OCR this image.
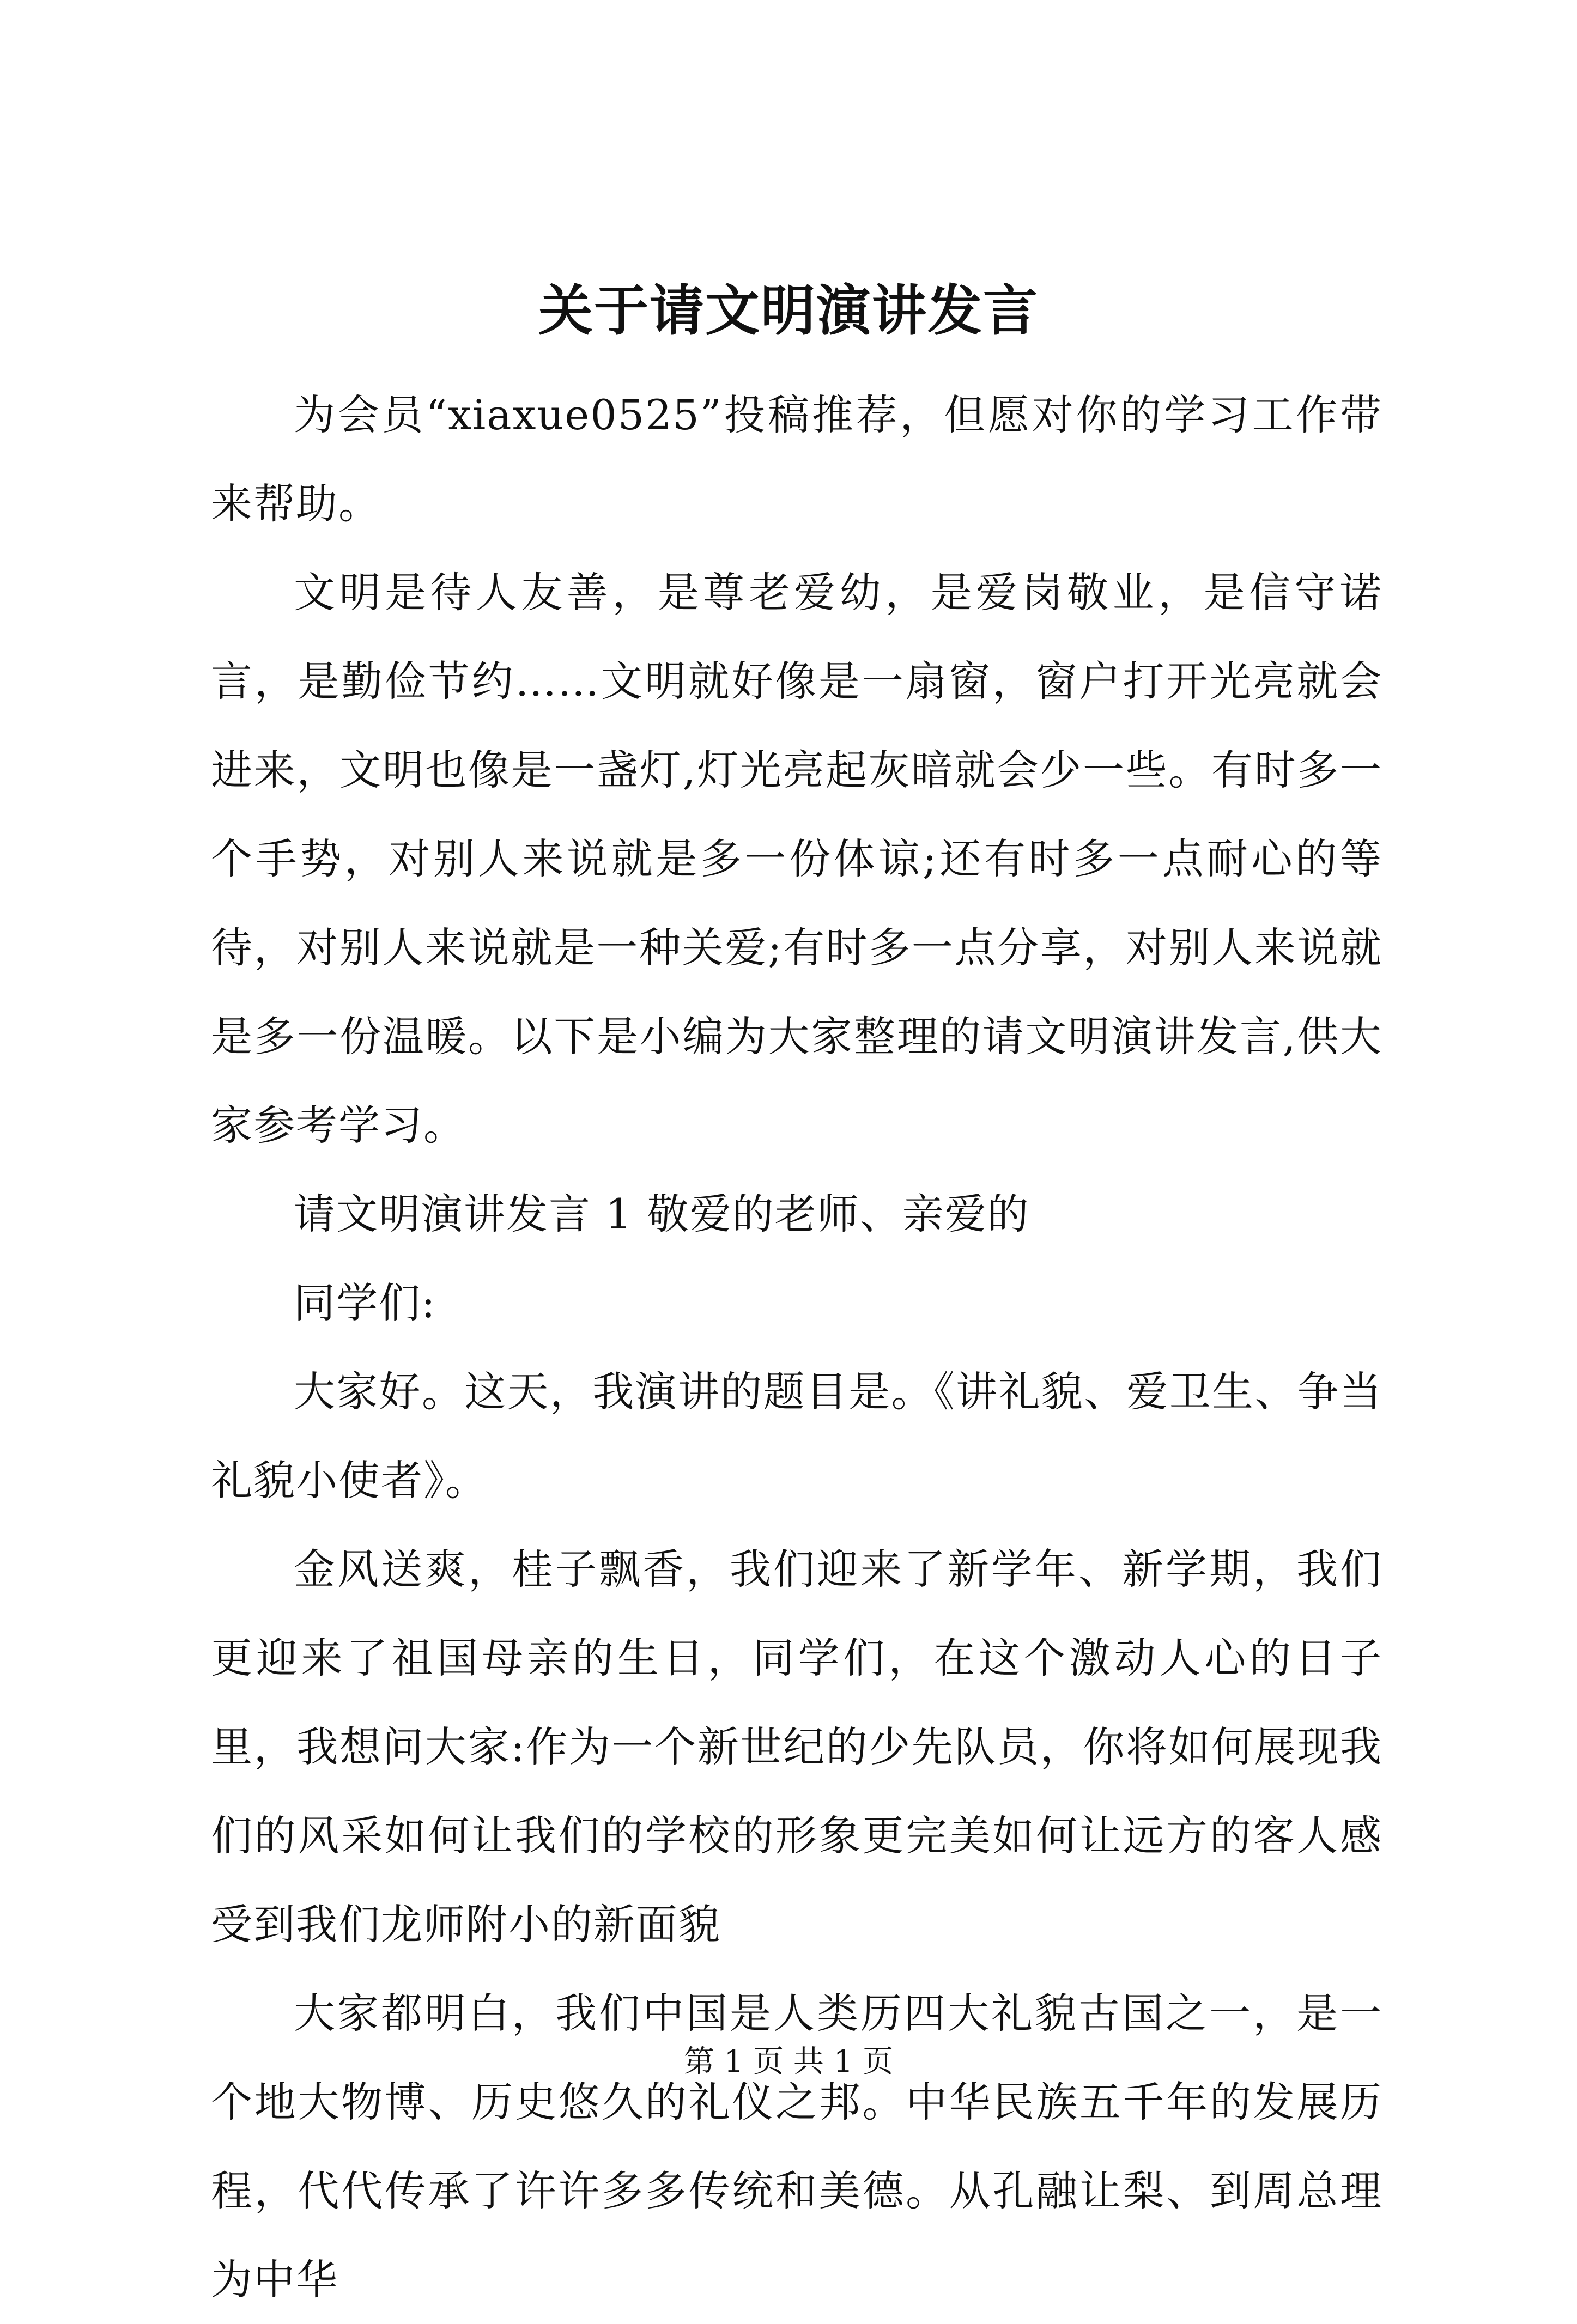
关于请文明演讲发言

为会员“xiaxue0525”投稿推荐，但愿对你的学习工作带来帮助。

文明是待人友善，是尊老爱幼，是爱岗敬业，是信守诺言，是勤俭节约……文明就好像是一扇窗，窗户打开光亮就会进来，文明也像是一盏灯,灯光亮起灰暗就会少一些。有时多一个手势，对别人来说就是多一份体谅;还有时多一点耐心的等待，对别人来说就是一种关爱;有时多一点分享，对别人来说就是多一份温暖。以下是小编为大家整理的请文明演讲发言,供大家参考学习。

请文明演讲发言 1 敬爱的老师、亲爱的

同学们:

大家好。这天，我演讲的题目是。《讲礼貌、爱卫生、争当礼貌小使者》。

金风送爽，桂子飘香，我们迎来了新学年、新学期，我们更迎来了祖国母亲的生日，同学们，在这个激动人心的日子里，我想问大家:作为一个新世纪的少先队员，你将如何展现我们的风采如何让我们的学校的形象更完美如何让远方的客人感受到我们龙师附小的新面貌

大家都明白，我们中国是人类历四大礼貌古国之一，是一个地大物博、历史悠久的礼仪之邦。中华民族五千年的发展历程，代代传承了许许多多传统和美德。从孔融让梨、到周总理为中华

第 1 页 共 1 页
